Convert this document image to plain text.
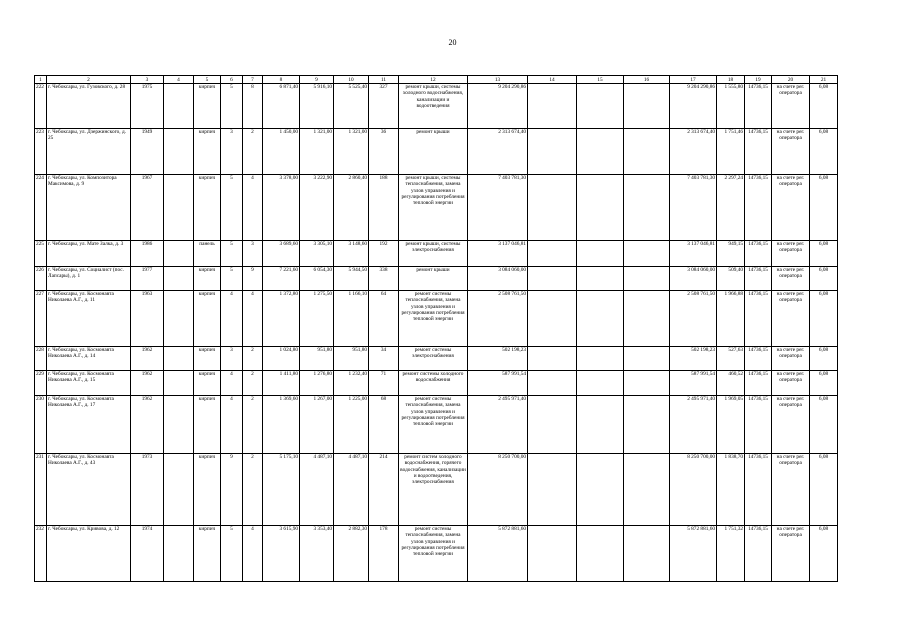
20
1	2	3	4	5	6	7	8	9	10	11	12	13	14	15	16	17	18	19	20	21
222	г. Чебоксары, ул. Гузовского, д. 28	1975		кирпич	5	8	6 871,40	5 916,10	5 525,40	327	ремонт крыши, системы холодного водоснабжения, канализации и водоотведения	9 204 290,86				9 204 290,86	1 555,80	14736,15	на счете рег. оператора	6,08
223	г. Чебоксары, ул. Дзержинского, д. 25	1949		кирпич	3	2	1 450,00	1 321,00	1 321,00	36	ремонт крыши	2 313 674,40				2 313 674,40	1 751,46	14736,15	на счете рег. оператора	6,08
224	г. Чебоксары, ул. Композитора Максимова, д. 9	1967		кирпич	5	4	3 378,00	3 222,90	2 860,40	188	ремонт крыши, системы теплоснабжения, замена узлов управления и регулирования потребления тепловой энергии	7 403 781,30				7 403 781,30	2 297,24	14736,15	на счете рег. оператора	6,08
225	г. Чебоксары, ул. Мате Залка, д. 3	1986		панель	5	3	3 689,60	3 305,10	3 148,60	192	ремонт крыши, системы электроснабжения	3 137 046,81				3 137 046,81	949,15	14736,15	на счете рег. оператора	6,08
226	г. Чебоксары, ул. Социалист (пос. Лапсары), д. 1	1977		кирпич	5	9	7 221,60	6 054,30	5 944,50	338	ремонт крыши	3 084 060,00				3 084 060,00	509,40	14736,15	на счете рег. оператора	6,08
227	г. Чебоксары, ул. Космонавта Николаева А.Г., д. 11	1963		кирпич	4	4	1 372,80	1 275,50	1 166,10	64	ремонт системы теплоснабжения, замена узлов управления и регулирования потребления тепловой энергии	2 508 761,50				2 508 761,50	1 966,88	14736,15	на счете рег. оператора	6,08
228	г. Чебоксары, ул. Космонавта Николаева А.Г., д. 14	1962		кирпич	3	2	1 024,80	951,80	951,80	34	ремонт системы электроснабжения	502 198,23				502 198,23	527,63	14736,15	на счете рег. оператора	6,08
229	г. Чебоксары, ул. Космонавта Николаева А.Г., д. 15	1962		кирпич	4	2	1 411,80	1 276,80	1 232,40	71	ремонт системы холодного водоснабжения	587 991,54				587 991,54	460,52	14736,15	на счете рег. оператора	6,08
230	г. Чебоксары, ул. Космонавта Николаева А.Г., д. 17	1962		кирпич	4	2	1 369,60	1 267,00	1 225,00	68	ремонт системы теплоснабжения, замена узлов управления и регулирования потребления тепловой энергии	2 495 971,40				2 495 971,40	1 969,05	14736,15	на счете рег. оператора	6,08
231	г. Чебоксары, ул. Космонавта Николаева А.Г., д. 43	1973		кирпич	9	2	5 175,10	4 487,10	4 487,10	214	ремонт систем холодного водоснабжения, горячего водоснабжения, канализации и водоотведения, электроснабжения	8 250 700,00				8 250 700,00	1 838,70	14736,15	на счете рег. оператора	6,08
232	г. Чебоксары, ул. Кривова, д. 12	1974		кирпич	5	4	3 615,90	3 353,40	2 882,30	178	ремонт системы теплоснабжения, замена узлов управления и регулирования потребления тепловой энергии	5 872 881,60				5 872 881,60	1 751,32	14736,15	на счете рег. оператора	6,08
